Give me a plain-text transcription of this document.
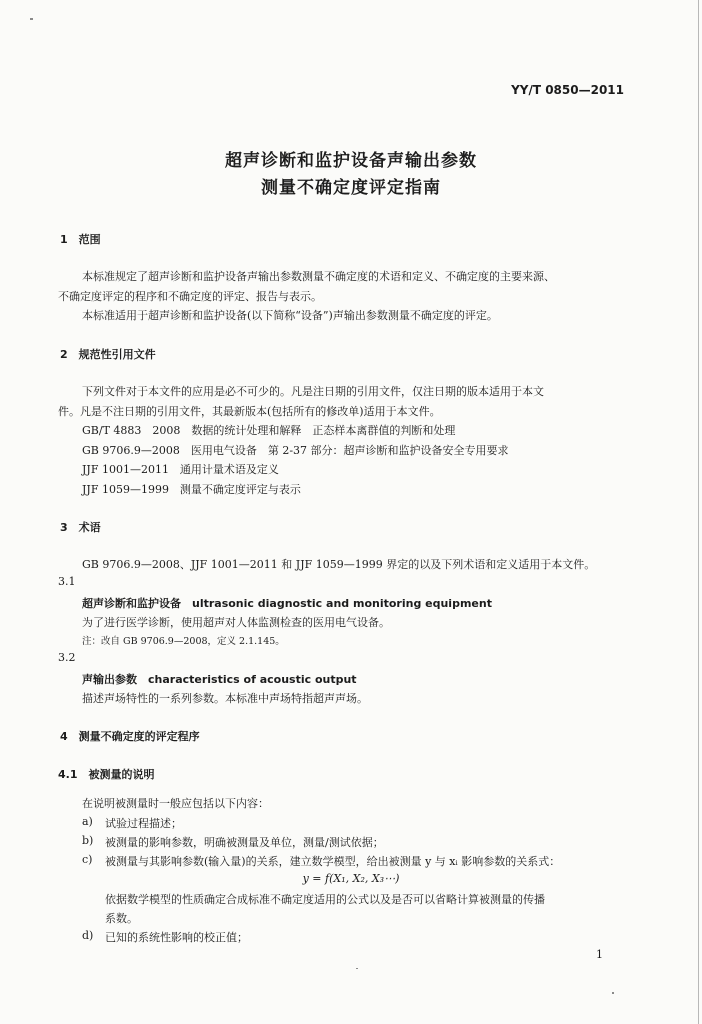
YY/T 0850—2011
超声诊断和监护设备声输出参数
测量不确定度评定指南
1　范围
本标准规定了超声诊断和监护设备声输出参数测量不确定度的术语和定义、不确定度的主要来源、
不确定度评定的程序和不确定度的评定、报告与表示。
本标准适用于超声诊断和监护设备(以下简称“设备”)声输出参数测量不确定度的评定。
2　规范性引用文件
下列文件对于本文件的应用是必不可少的。凡是注日期的引用文件，仅注日期的版本适用于本文
件。凡是不注日期的引用文件，其最新版本(包括所有的修改单)适用于本文件。
GB/T 4883　2008　数据的统计处理和解释　正态样本离群值的判断和处理
GB 9706.9—2008　医用电气设备　第 2-37 部分：超声诊断和监护设备安全专用要求
JJF 1001—2011　通用计量术语及定义
JJF 1059—1999　测量不确定度评定与表示
3　术语
GB 9706.9—2008、JJF 1001—2011 和 JJF 1059—1999 界定的以及下列术语和定义适用于本文件。
3.1
超声诊断和监护设备　ultrasonic diagnostic and monitoring equipment
为了进行医学诊断，使用超声对人体监测检查的医用电气设备。
注：改自 GB 9706.9—2008，定义 2.1.145。
3.2
声输出参数　characteristics of acoustic output
描述声场特性的一系列参数。本标准中声场特指超声声场。
4　测量不确定度的评定程序
4.1　被测量的说明
在说明被测量时一般应包括以下内容：
a) 试验过程描述；
b) 被测量的影响参数，明确被测量及单位，测量/测试依据；
c) 被测量与其影响参数(输入量)的关系，建立数学模型，给出被测量 y 与 xᵢ 影响参数的关系式：
y = f(X₁, X₂, X₃⋯)
依据数学模型的性质确定合成标准不确定度适用的公式以及是否可以省略计算被测量的传播
系数。
d) 已知的系统性影响的校正值；
1
